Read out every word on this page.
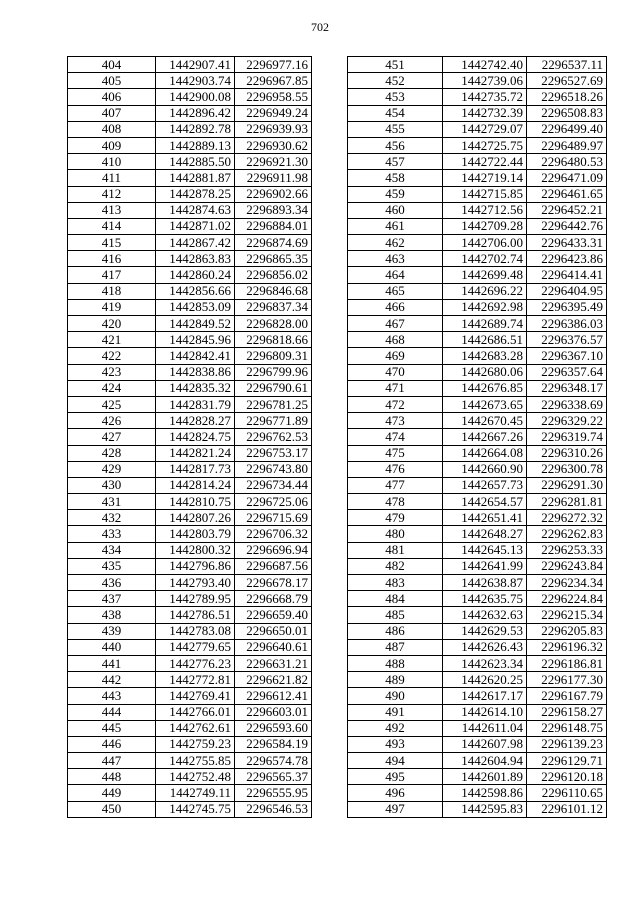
702
404	1442907.41	2296977.16
405	1442903.74	2296967.85
406	1442900.08	2296958.55
407	1442896.42	2296949.24
408	1442892.78	2296939.93
409	1442889.13	2296930.62
410	1442885.50	2296921.30
411	1442881.87	2296911.98
412	1442878.25	2296902.66
413	1442874.63	2296893.34
414	1442871.02	2296884.01
415	1442867.42	2296874.69
416	1442863.83	2296865.35
417	1442860.24	2296856.02
418	1442856.66	2296846.68
419	1442853.09	2296837.34
420	1442849.52	2296828.00
421	1442845.96	2296818.66
422	1442842.41	2296809.31
423	1442838.86	2296799.96
424	1442835.32	2296790.61
425	1442831.79	2296781.25
426	1442828.27	2296771.89
427	1442824.75	2296762.53
428	1442821.24	2296753.17
429	1442817.73	2296743.80
430	1442814.24	2296734.44
431	1442810.75	2296725.06
432	1442807.26	2296715.69
433	1442803.79	2296706.32
434	1442800.32	2296696.94
435	1442796.86	2296687.56
436	1442793.40	2296678.17
437	1442789.95	2296668.79
438	1442786.51	2296659.40
439	1442783.08	2296650.01
440	1442779.65	2296640.61
441	1442776.23	2296631.21
442	1442772.81	2296621.82
443	1442769.41	2296612.41
444	1442766.01	2296603.01
445	1442762.61	2296593.60
446	1442759.23	2296584.19
447	1442755.85	2296574.78
448	1442752.48	2296565.37
449	1442749.11	2296555.95
450	1442745.75	2296546.53
451	1442742.40	2296537.11
452	1442739.06	2296527.69
453	1442735.72	2296518.26
454	1442732.39	2296508.83
455	1442729.07	2296499.40
456	1442725.75	2296489.97
457	1442722.44	2296480.53
458	1442719.14	2296471.09
459	1442715.85	2296461.65
460	1442712.56	2296452.21
461	1442709.28	2296442.76
462	1442706.00	2296433.31
463	1442702.74	2296423.86
464	1442699.48	2296414.41
465	1442696.22	2296404.95
466	1442692.98	2296395.49
467	1442689.74	2296386.03
468	1442686.51	2296376.57
469	1442683.28	2296367.10
470	1442680.06	2296357.64
471	1442676.85	2296348.17
472	1442673.65	2296338.69
473	1442670.45	2296329.22
474	1442667.26	2296319.74
475	1442664.08	2296310.26
476	1442660.90	2296300.78
477	1442657.73	2296291.30
478	1442654.57	2296281.81
479	1442651.41	2296272.32
480	1442648.27	2296262.83
481	1442645.13	2296253.33
482	1442641.99	2296243.84
483	1442638.87	2296234.34
484	1442635.75	2296224.84
485	1442632.63	2296215.34
486	1442629.53	2296205.83
487	1442626.43	2296196.32
488	1442623.34	2296186.81
489	1442620.25	2296177.30
490	1442617.17	2296167.79
491	1442614.10	2296158.27
492	1442611.04	2296148.75
493	1442607.98	2296139.23
494	1442604.94	2296129.71
495	1442601.89	2296120.18
496	1442598.86	2296110.65
497	1442595.83	2296101.12
